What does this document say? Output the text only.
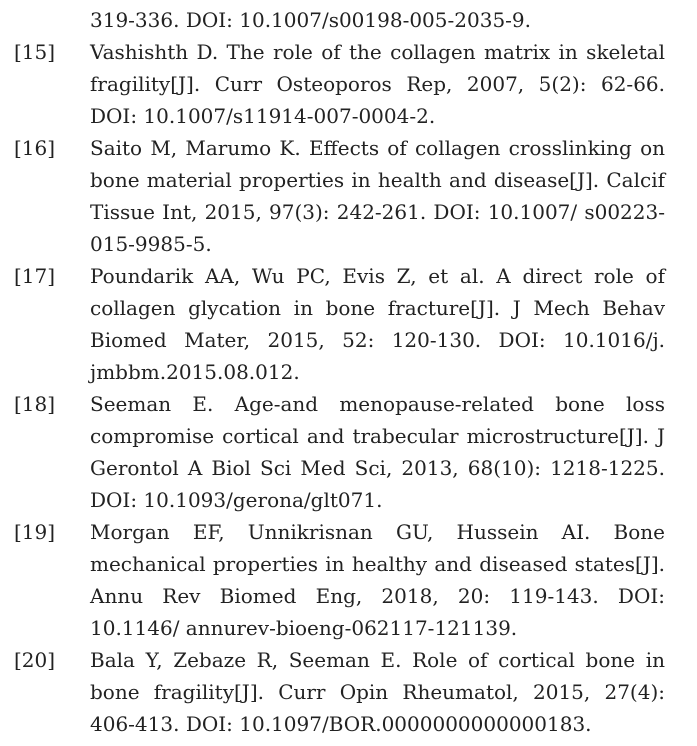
319-336. DOI: 10.1007/s00198-005-2035-9.
[15]	Vashishth D. The role of the collagen matrix in skeletal fragility[J]. Curr Osteoporos Rep, 2007, 5(2): 62-66. DOI: 10.1007/s11914-007-0004-2.
[16]	Saito M, Marumo K. Effects of collagen crosslinking on bone material properties in health and disease[J]. Calcif Tissue Int, 2015, 97(3): 242-261. DOI: 10.1007/ s00223-015-9985-5.
[17]	Poundarik AA, Wu PC, Evis Z, et al. A direct role of collagen glycation in bone fracture[J]. J Mech Behav Biomed Mater, 2015, 52: 120-130. DOI: 10.1016/j. jmbbm.2015.08.012.
[18]	Seeman E. Age-and menopause-related bone loss compromise cortical and trabecular microstructure[J]. J Gerontol A Biol Sci Med Sci, 2013, 68(10): 1218-1225. DOI: 10.1093/gerona/glt071.
[19]	Morgan EF, Unnikrisnan GU, Hussein AI. Bone mechanical properties in healthy and diseased states[J]. Annu Rev Biomed Eng, 2018, 20: 119-143. DOI: 10.1146/ annurev-bioeng-062117-121139.
[20]	Bala Y, Zebaze R, Seeman E. Role of cortical bone in bone fragility[J]. Curr Opin Rheumatol, 2015, 27(4): 406-413. DOI: 10.1097/BOR.0000000000000183.
